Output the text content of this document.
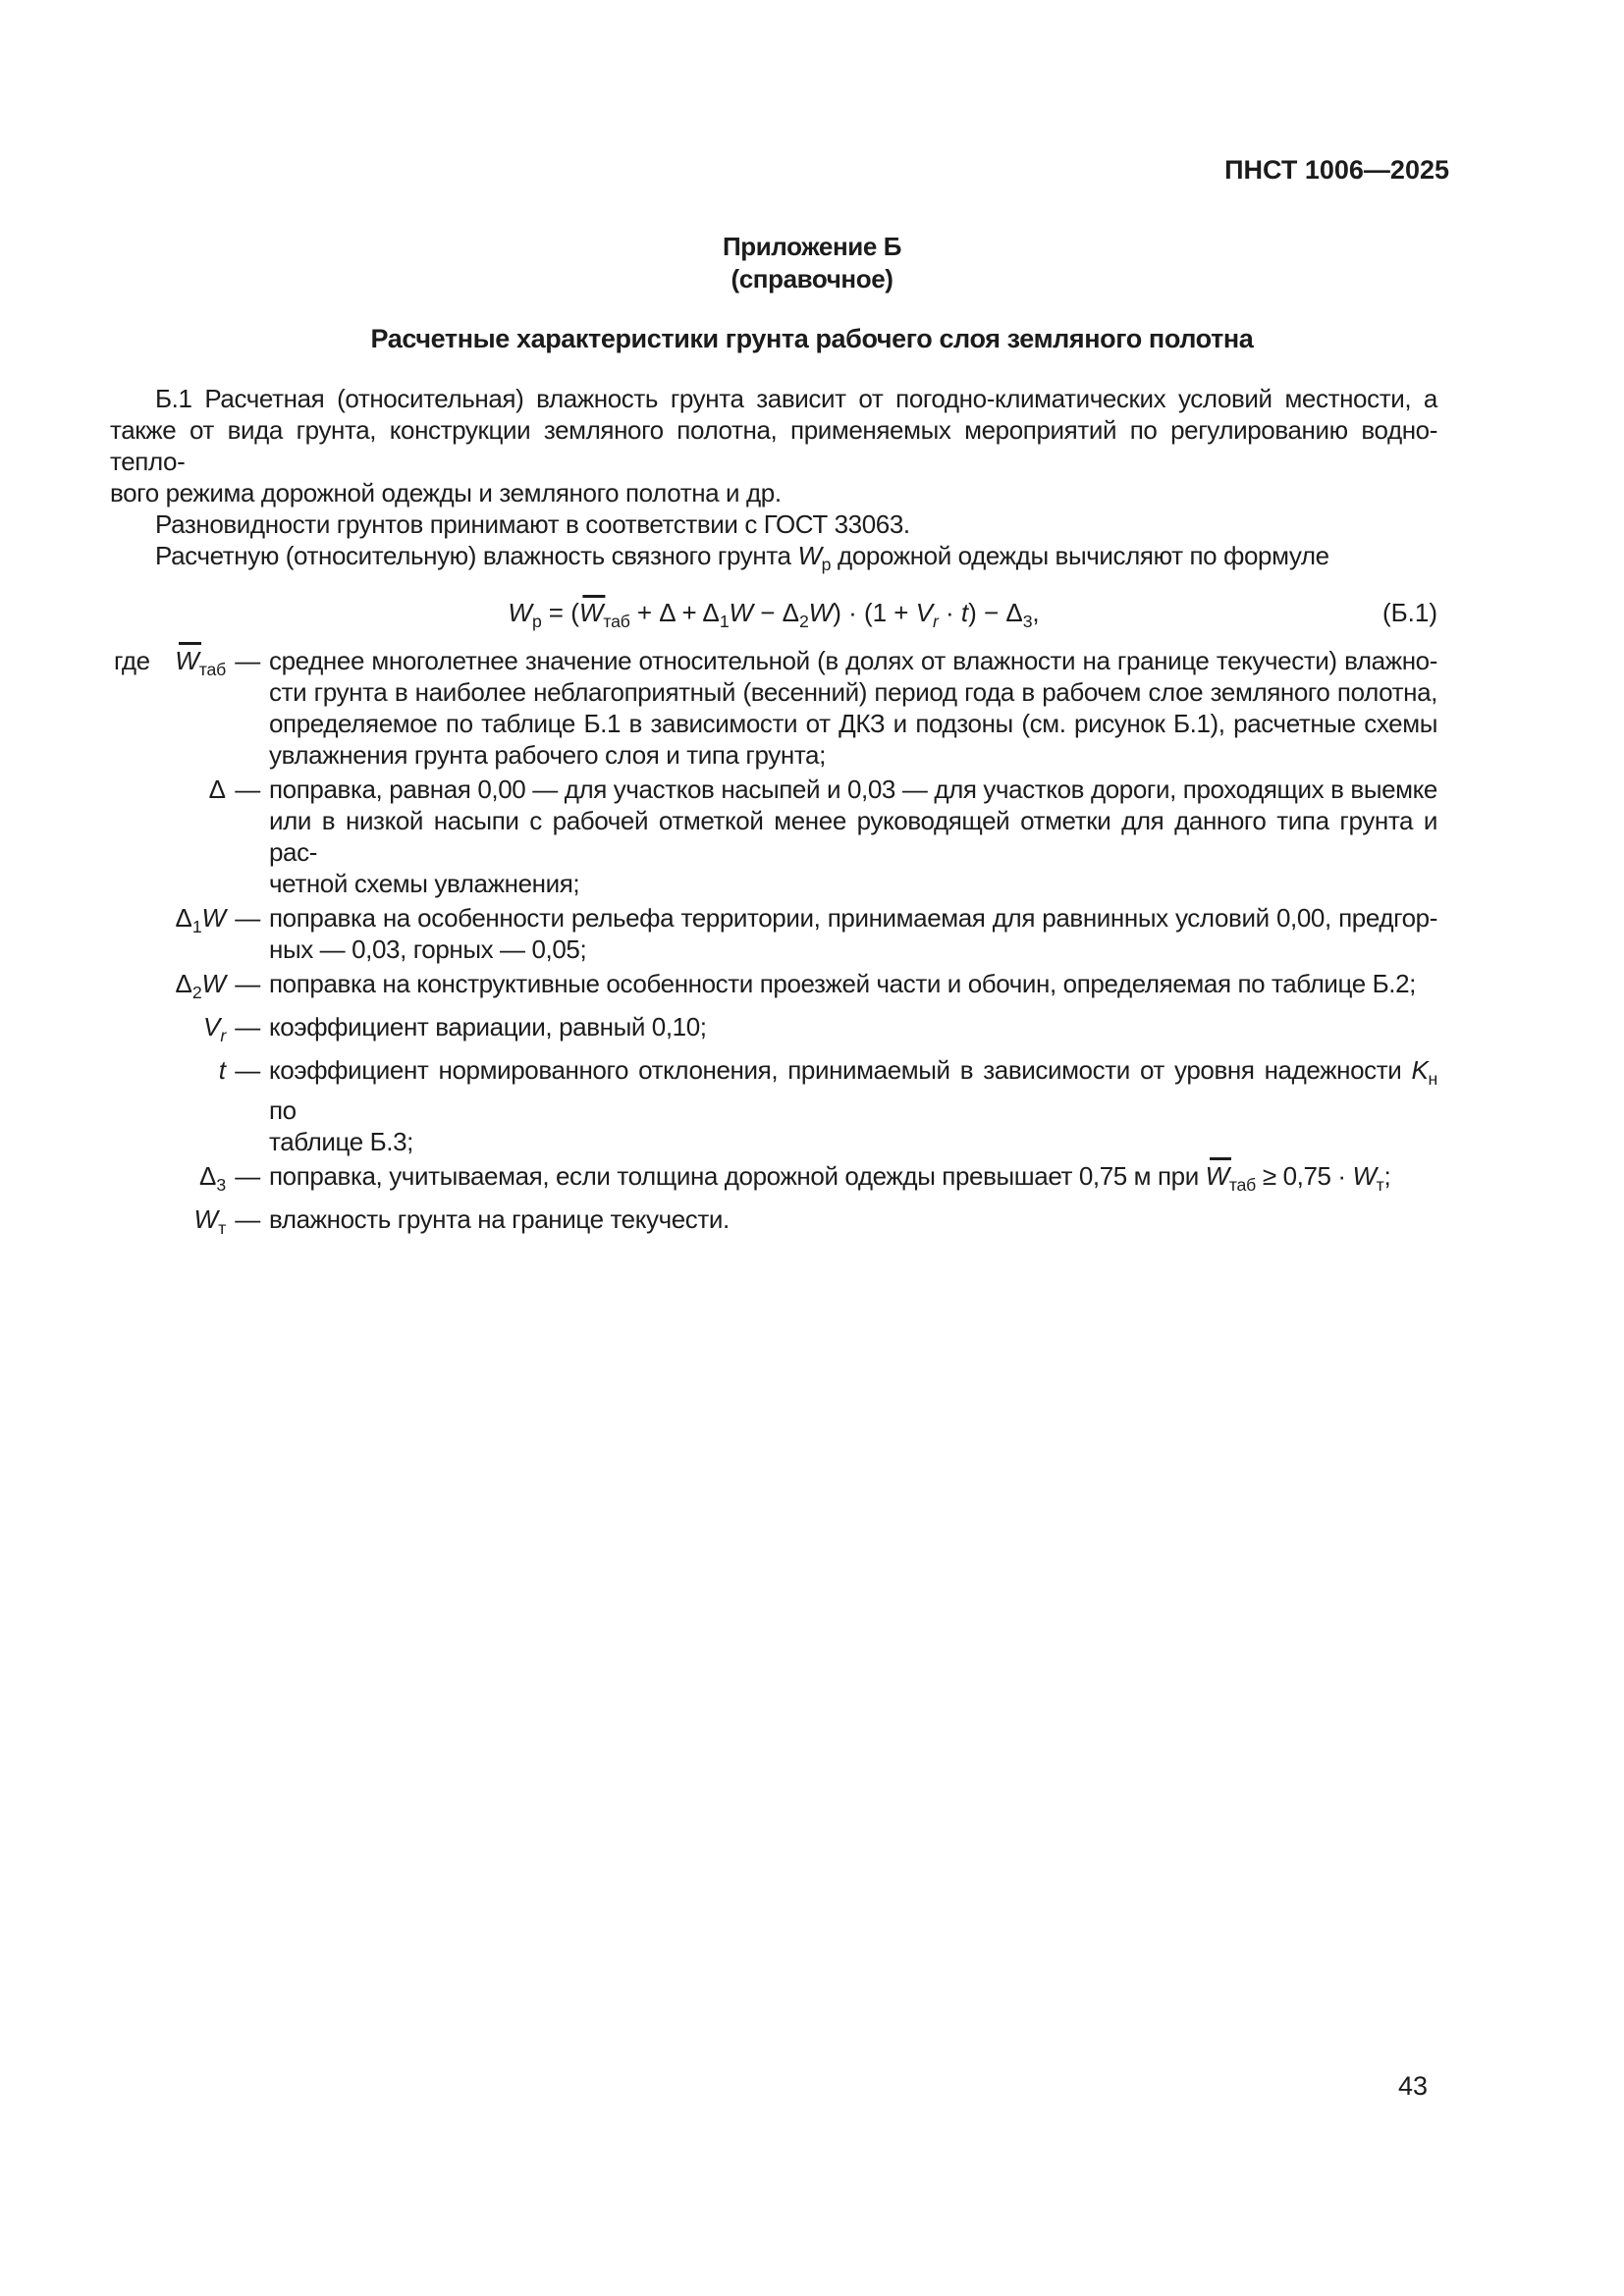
ПНСТ 1006—2025
Приложение Б
(справочное)
Расчетные характеристики грунта рабочего слоя земляного полотна
Б.1 Расчетная (относительная) влажность грунта зависит от погодно-климатических условий местности, а
также от вида грунта, конструкции земляного полотна, применяемых мероприятий по регулированию водно-тепло-
вого режима дорожной одежды и земляного полотна и др.
Разновидности грунтов принимают в соответствии с ГОСТ 33063.
Расчетную (относительную) влажность связного грунта $W_р$ дорожной одежды вычисляют по формуле
$W_р = (W_{таб} + \Delta + \Delta_1W - \Delta_2W) \cdot (1 + V_r \cdot t) - \Delta_3$,	(Б.1)
где $W_{таб}$ — среднее многолетнее значение относительной (в долях от влажности на границе текучести) влажно-
сти грунта в наиболее неблагоприятный (весенний) период года в рабочем слое земляного полотна,
определяемое по таблице Б.1 в зависимости от ДКЗ и подзоны (см. рисунок Б.1), расчетные схемы
увлажнения грунта рабочего слоя и типа грунта;
Δ — поправка, равная 0,00 — для участков насыпей и 0,03 — для участков дороги, проходящих в выемке
или в низкой насыпи с рабочей отметкой менее руководящей отметки для данного типа грунта и рас-
четной схемы увлажнения;
$\Delta_1W$ — поправка на особенности рельефа территории, принимаемая для равнинных условий 0,00, предгор-
ных — 0,03, горных — 0,05;
$\Delta_2W$ — поправка на конструктивные особенности проезжей части и обочин, определяемая по таблице Б.2;
$V_r$ — коэффициент вариации, равный 0,10;
t — коэффициент нормированного отклонения, принимаемый в зависимости от уровня надежности $K_н$ по
таблице Б.3;
$\Delta_3$ — поправка, учитываемая, если толщина дорожной одежды превышает 0,75 м при $W_{таб} \ge 0,75 \cdot W_т$;
$W_т$ — влажность грунта на границе текучести.
43
